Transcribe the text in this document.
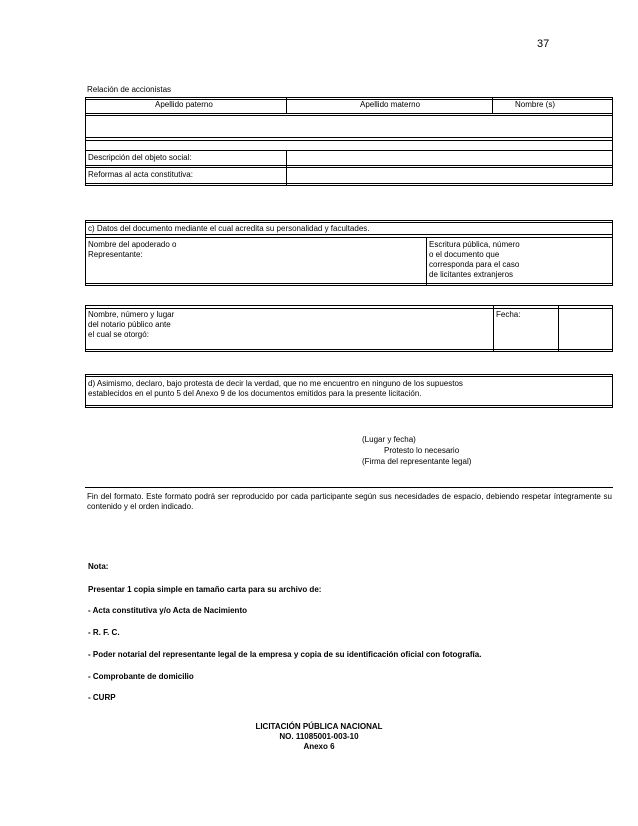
37
Relación de accionistas
Apellido paterno	Apellido materno	Nombre (s)
Descripción del objeto social:
Reformas al acta constitutiva:
c) Datos del documento mediante el cual acredita su personalidad y facultades.
Nombre del apoderado o
Representante:
Escritura pública, número
o el documento que
corresponda para el caso
de licitantes extranjeros
Nombre, número y lugar
del notario público ante
el cual se otorgó:
Fecha:
d) Asimismo, declaro, bajo protesta de decir la verdad, que no me encuentro en ninguno de los supuestos
establecidos en el punto 5 del Anexo 9 de los documentos emitidos para la presente licitación.
(Lugar y fecha)
Protesto lo necesario
(Firma del representante legal)
Fin del formato. Este formato podrá ser reproducido por cada participante según sus necesidades de espacio, debiendo respetar íntegramente su contenido y el orden indicado.
Nota:
Presentar 1 copia simple en tamaño carta para su archivo de:
- Acta constitutiva y/o Acta de Nacimiento
- R. F. C.
- Poder notarial del representante legal de la empresa y copia de su identificación oficial con fotografía.
- Comprobante de domicilio
- CURP
LICITACIÓN PÚBLICA NACIONAL
NO. 11085001-003-10
Anexo 6
